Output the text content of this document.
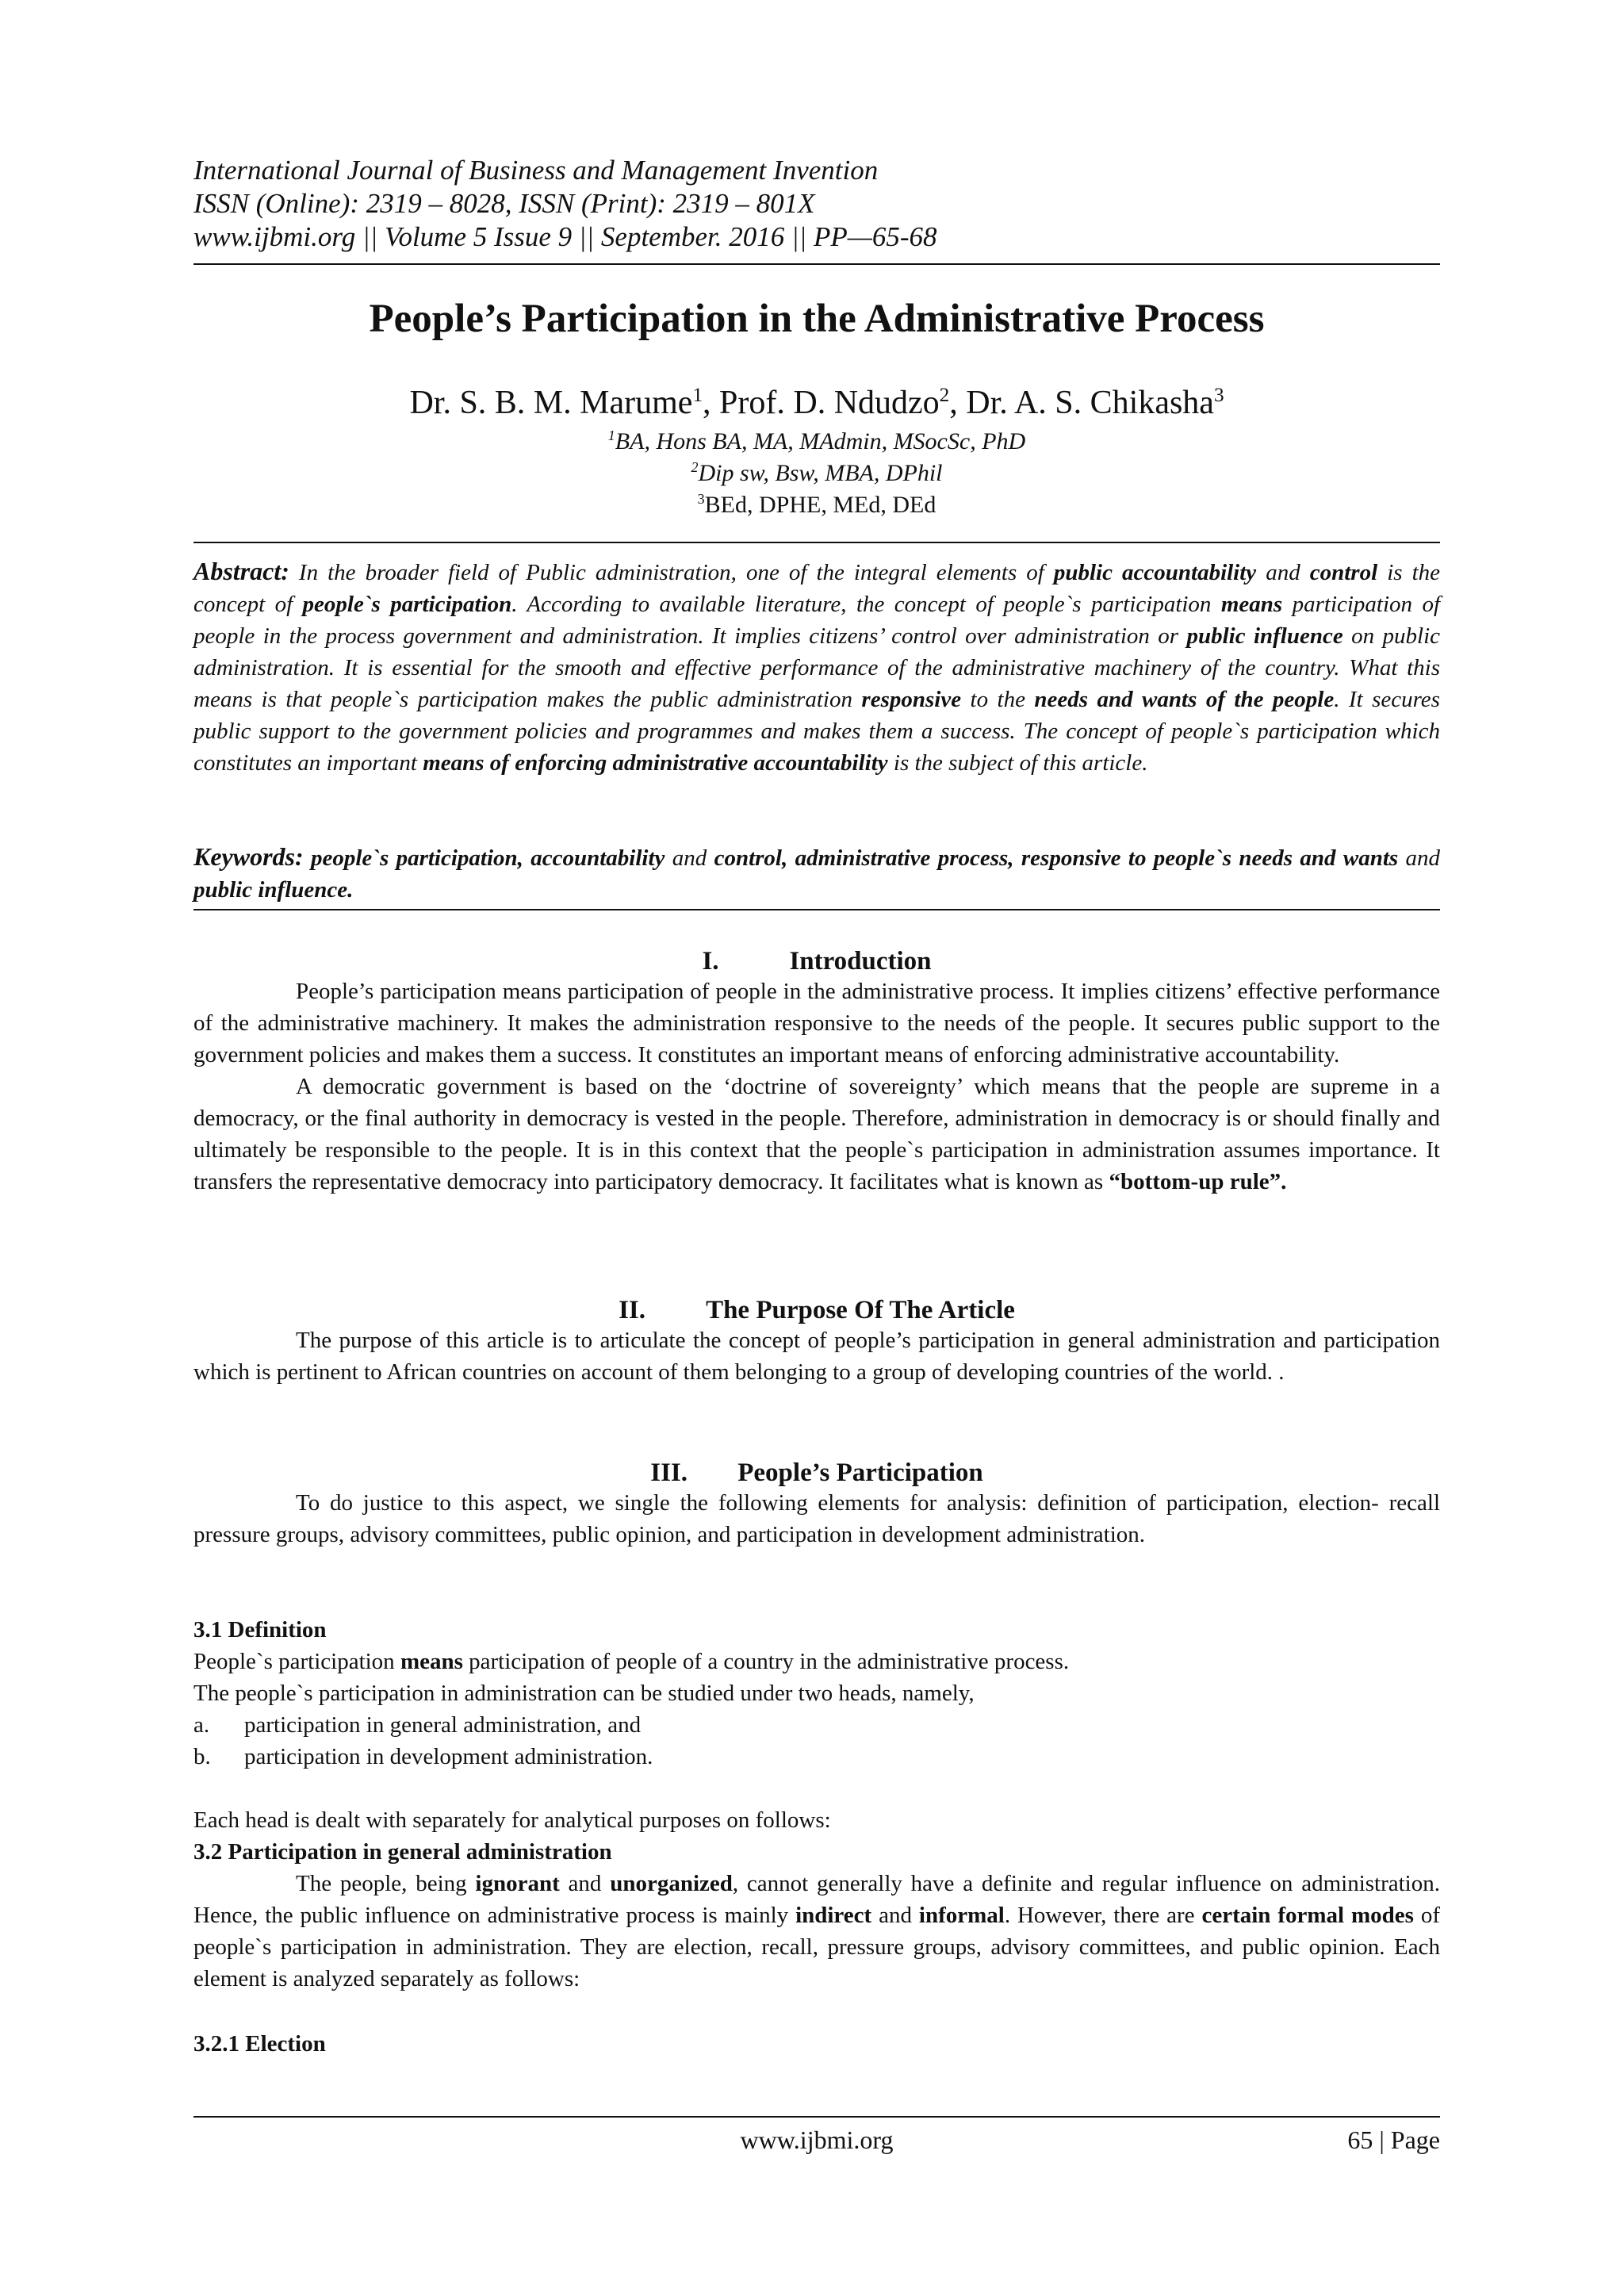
International Journal of Business and Management Invention
ISSN (Online): 2319 – 8028, ISSN (Print): 2319 – 801X
www.ijbmi.org || Volume 5 Issue 9 || September. 2016 || PP—65-68
People’s Participation in the Administrative Process
Dr. S. B. M. Marume$^1$, Prof. D. Ndudzo$^2$, Dr. A. S. Chikasha$^3$
$^1$BA, Hons BA, MA, MAdmin, MSocSc, PhD
$^2$Dip sw, Bsw, MBA, DPhil
$^3$BEd, DPHE, MEd, DEd
Abstract: In the broader field of Public administration, one of the integral elements of public accountability and control is the concept of people`s participation. According to available literature, the concept of people`s participation means participation of people in the process government and administration. It implies citizens’ control over administration or public influence on public administration. It is essential for the smooth and effective performance of the administrative machinery of the country. What this means is that people`s participation makes the public administration responsive to the needs and wants of the people. It secures public support to the government policies and programmes and makes them a success. The concept of people`s participation which constitutes an important means of enforcing administrative accountability is the subject of this article.
Keywords: people`s participation, accountability and control, administrative process, responsive to people`s needs and wants and public influence.
I.	Introduction

People’s participation means participation of people in the administrative process. It implies citizens’ effective performance of the administrative machinery. It makes the administration responsive to the needs of the people. It secures public support to the government policies and makes them a success. It constitutes an important means of enforcing administrative accountability.

A democratic government is based on the ‘doctrine of sovereignty’ which means that the people are supreme in a democracy, or the final authority in democracy is vested in the people. Therefore, administration in democracy is or should finally and ultimately be responsible to the people. It is in this context that the people`s participation in administration assumes importance. It transfers the representative democracy into participatory democracy. It facilitates what is known as “bottom-up rule”.

II. The Purpose Of The Article

The purpose of this article is to articulate the concept of people’s participation in general administration and participation which is pertinent to African countries on account of them belonging to a group of developing countries of the world. .

III. People’s Participation

To do justice to this aspect, we single the following elements for analysis: definition of participation, election- recall pressure groups, advisory committees, public opinion, and participation in development administration.

3.1 Definition

People`s participation means participation of people of a country in the administrative process.

The people`s participation in administration can be studied under two heads, namely,

a. participation in general administration, and
b. participation in development administration.

Each head is dealt with separately for analytical purposes on follows:

3.2 Participation in general administration

The people, being ignorant and unorganized, cannot generally have a definite and regular influence on administration. Hence, the public influence on administrative process is mainly indirect and informal. However, there are certain formal modes of people`s participation in administration. They are election, recall, pressure groups, advisory committees, and public opinion. Each element is analyzed separately as follows:

3.2.1 Election
www.ijbmi.org	65 | Page
